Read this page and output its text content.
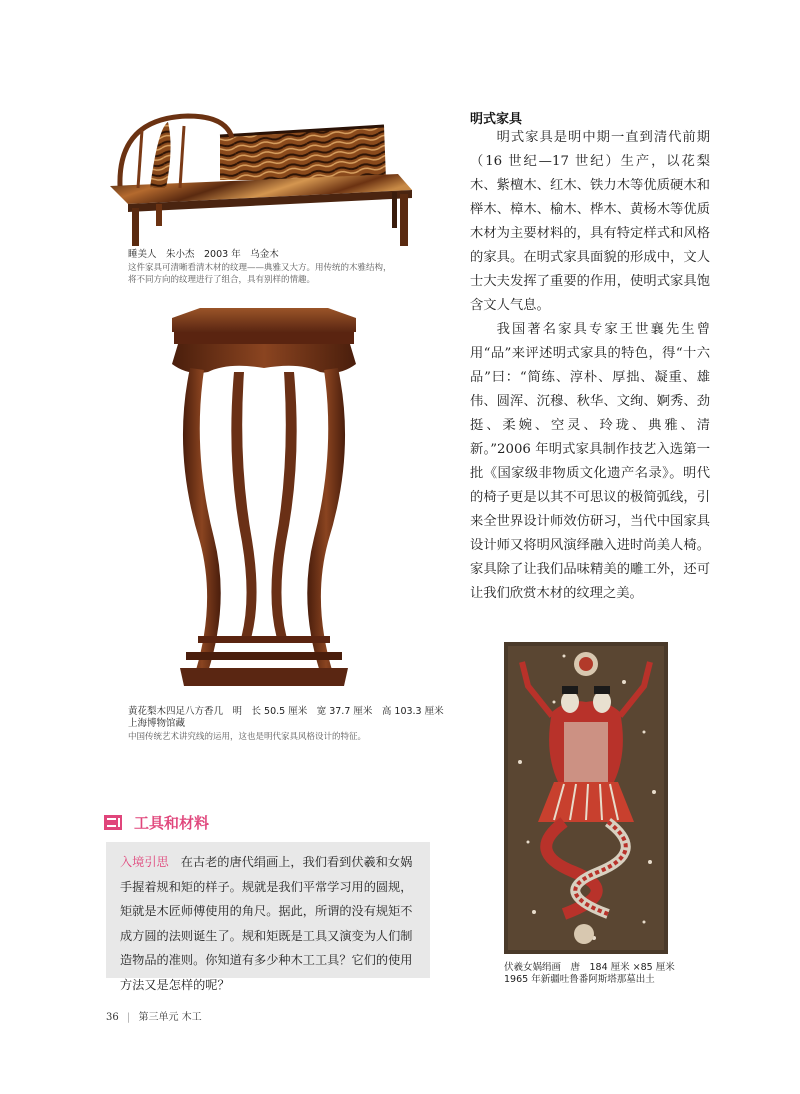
睡美人　朱小杰　2003 年　乌金木
这件家具可清晰看清木材的纹理——典雅又大方。用传统的木雅结构，
将不同方向的纹理进行了组合，具有别样的情趣。
黄花梨木四足八方香几　明　长 50.5 厘米　宽 37.7 厘米　高 103.3 厘米
上海博物馆藏
中国传统艺术讲究线的运用，这也是明代家具风格设计的特征。
明式家具

明式家具是明中期一直到清代前期（16 世纪—17 世纪）生产，以花梨木、紫檀木、红木、铁力木等优质硬木和榉木、樟木、榆木、桦木、黄杨木等优质木材为主要材料的，具有特定样式和风格的家具。在明式家具面貌的形成中，文人士大夫发挥了重要的作用，使明式家具饱含文人气息。

我国著名家具专家王世襄先生曾用“品”来评述明式家具的特色，得“十六品”曰：“简练、淳朴、厚拙、凝重、雄伟、圆浑、沉穆、秋华、文绚、婀秀、劲挺、柔婉、空灵、玲珑、典雅、清新。”2006 年明式家具制作技艺入选第一批《国家级非物质文化遗产名录》。明代的椅子更是以其不可思议的极简弧线，引来全世界设计师效仿研习，当代中国家具设计师又将明风演绎融入进时尚美人椅。家具除了让我们品味精美的雕工外，还可让我们欣赏木材的纹理之美。

伏羲女娲绢画　唐　184 厘米 ×85 厘米
1965 年新疆吐鲁番阿斯塔那墓出土
工具和材料
入境引思 在古老的唐代绢画上，我们看到伏羲和女娲手握着规和矩的样子。规就是我们平常学习用的圆规，矩就是木匠师傅使用的角尺。据此，所谓的没有规矩不成方圆的法则诞生了。规和矩既是工具又演变为人们制造物品的准则。你知道有多少种木工工具？它们的使用方法又是怎样的呢？
36 | 第三单元 木工
